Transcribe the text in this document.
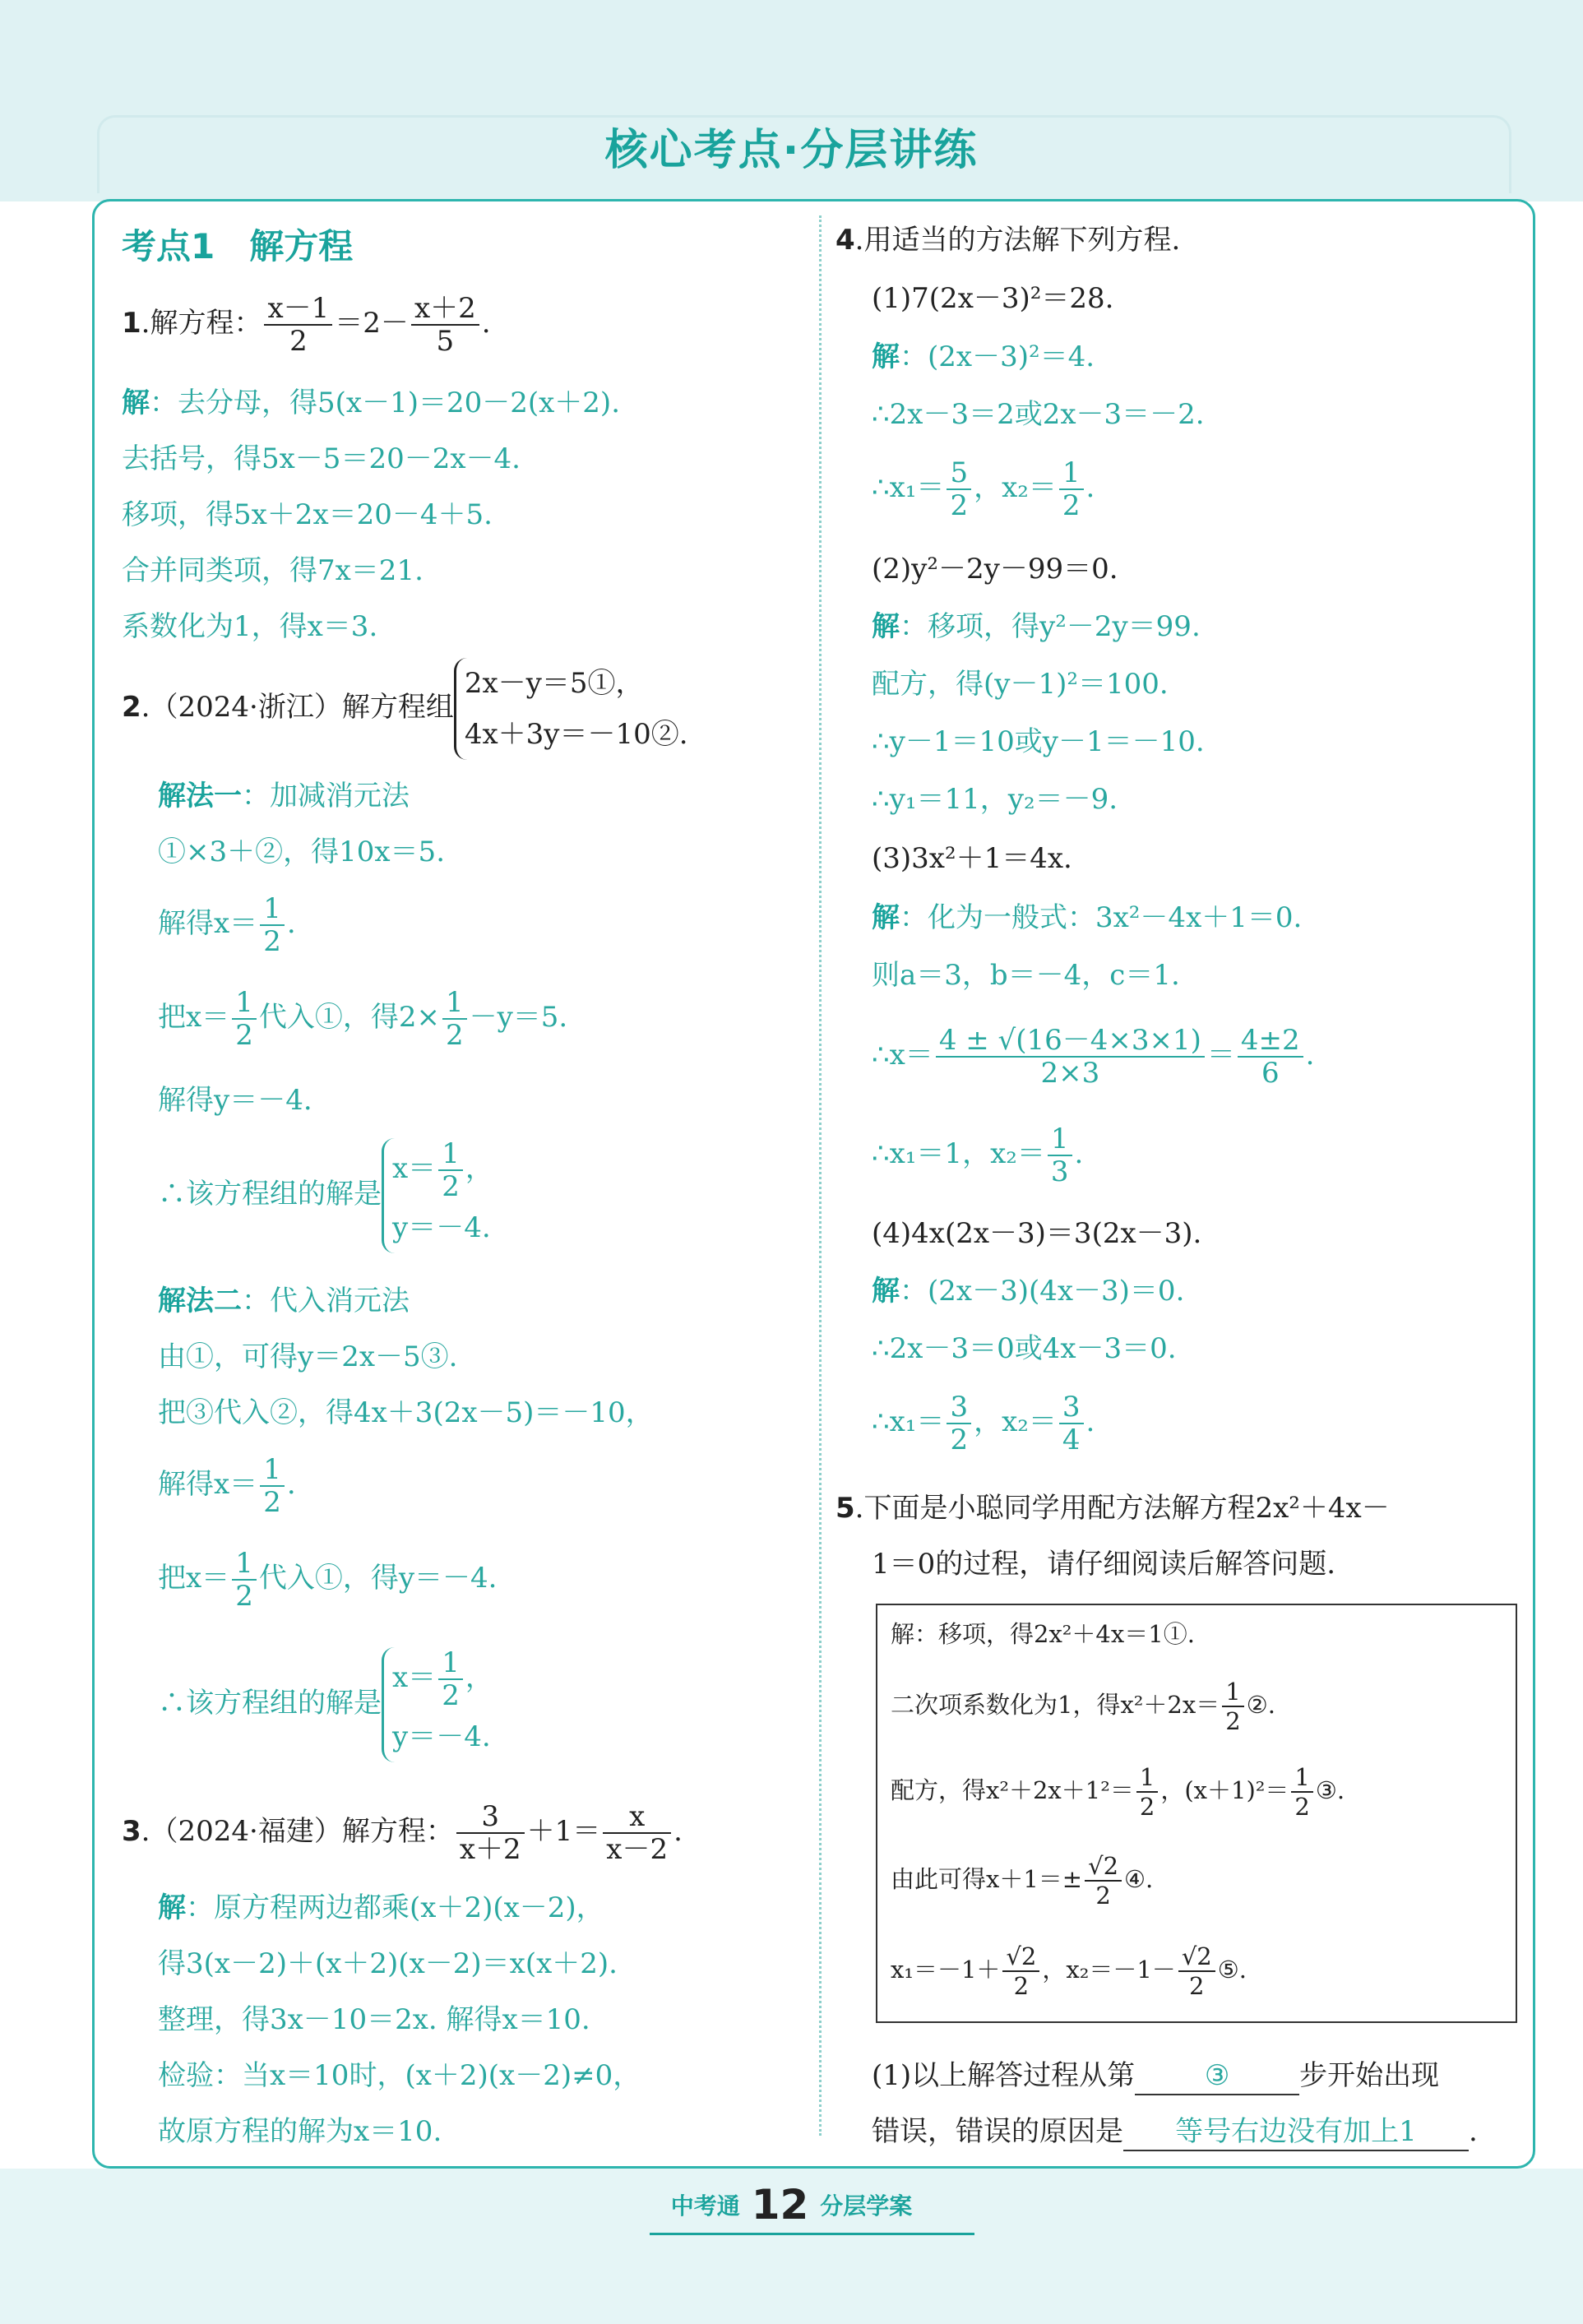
核心考点·分层讲练
考点1　解方程
1.解方程： $\frac{x-1}{2} =2- \frac{x+2}{5}$ .
解：去分母，得5(x－1)＝20－2(x＋2).
去括号，得5x－5＝20－2x－4.
移项，得5x＋2x＝20－4＋5.
合并同类项，得7x＝21.
系数化为1，得x＝3.
2.（2024·浙江）解方程组
2x－y＝5①，
4x＋3y＝－10②.
解法一：加减消元法
①×3＋②，得10x＝5.
解得$x= \frac{1}{2}$ .
把$x= \frac{1}{2}$ 代入①，得$2\times \frac{1}{2} -y=5$.
解得y＝－4.
∴该方程组的解是
$x= \frac{1}{2}$ ，
y＝－4.
解法二：代入消元法
由①，可得y＝2x－5③.
把③代入②，得4x＋3(2x－5)＝－10，
解得$x= \frac{1}{2}$ .
把$x= \frac{1}{2}$ 代入①，得y＝－4.
∴该方程组的解是
$x= \frac{1}{2}$ ，
y＝－4.
3.（2024·福建）解方程： $\frac{3}{x+2} +1= \frac{x}{x-2}$ .
解：原方程两边都乘(x＋2)(x－2)，
得3(x－2)＋(x＋2)(x－2)＝x(x＋2).
整理，得3x－10＝2x. 解得x＝10.
检验：当x＝10时，(x＋2)(x－2)≠0，
故原方程的解为x＝10.
4.用适当的方法解下列方程.
(1)7(2x－3)²＝28.
解：(2x－3)²＝4.
∴2x－3＝2或2x－3＝－2.
∴x₁＝ $\frac{5}{2}$ ，$x_2= \frac{1}{2}$ .
(2)y²－2y－99＝0.
解：移项，得y²－2y＝99.
配方，得(y－1)²＝100.
∴y－1＝10或y－1＝－10.
∴y₁＝11，y₂＝－9.
(3)3x²＋1＝4x.
解：化为一般式：3x²－4x＋1＝0.
则a＝3，b＝－4，c＝1.
∴x＝ $\frac{4 \pm √(16-4\times 3\times 1)}{2\times 3} = \frac{4\pm 2}{6}$ .
∴x₁＝1，$x_2= \frac{1}{3}$ .
(4)4x(2x－3)＝3(2x－3).
解：(2x－3)(4x－3)＝0.
∴2x－3＝0或4x－3＝0.
∴x₁＝ $\frac{3}{2}$ ，$x_2= \frac{3}{4}$ .
5.下面是小聪同学用配方法解方程2x²＋4x－
1＝0的过程，请仔细阅读后解答问题.
(1)以上解答过程从第 ③ 步开始出现
错误，错误的原因是 等号右边没有加上1 .
解：移项，得2x²＋4x＝1①.
二次项系数化为1，得$x^2+2x= \frac{1}{2}$ ②.
配方，得$x^2+2x+1^2= \frac{1}{2}$ ，$(x+1)^2= \frac{1}{2}$ ③.
由此可得$x+1=\pm \frac{√2}{2}$ ④.
$x_1=-1+ \frac{√2}{2}$ ，$x_2=-1- \frac{√2}{2}$ ⑤.
中考通 12 分层学案
